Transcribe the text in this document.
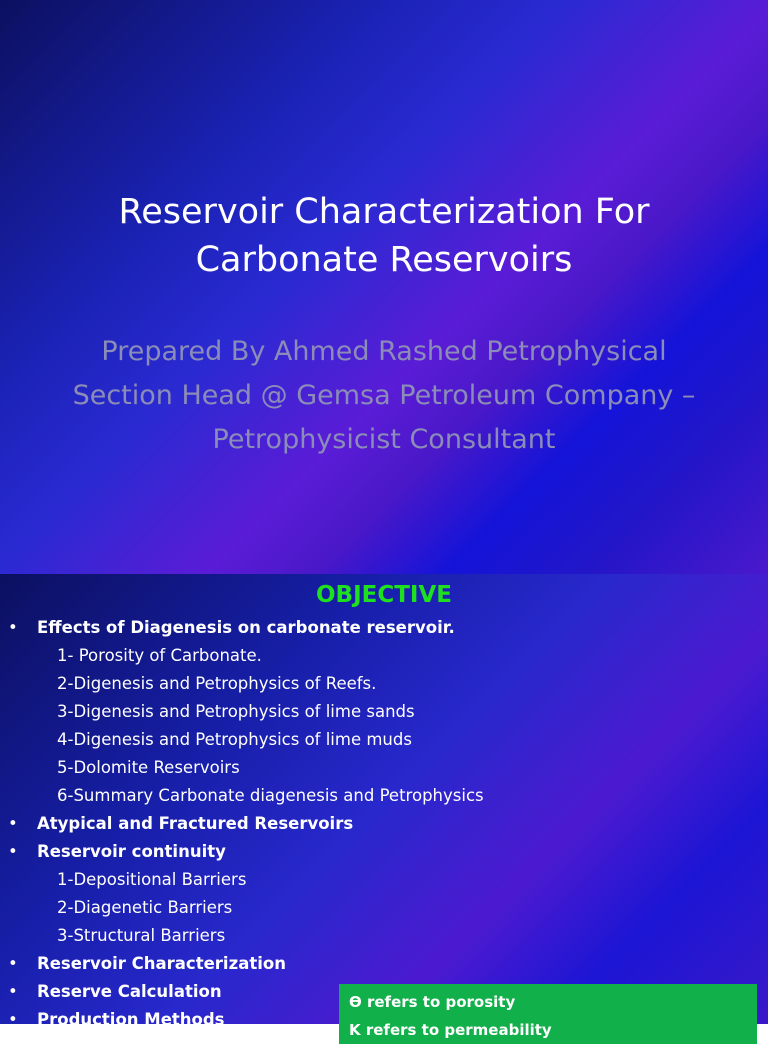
Reservoir Characterization For
Carbonate Reservoirs
Prepared By Ahmed Rashed Petrophysical
Section Head @ Gemsa Petroleum Company –
Petrophysicist Consultant
OBJECTIVE
• Effects of Diagenesis on carbonate reservoir.
1- Porosity of Carbonate.
2-Digenesis and Petrophysics of Reefs.
3-Digenesis and Petrophysics of lime sands
4-Digenesis and Petrophysics of lime muds
5-Dolomite Reservoirs
6-Summary Carbonate diagenesis and Petrophysics
• Atypical and Fractured Reservoirs
• Reservoir continuity
1-Depositional Barriers
2-Diagenetic Barriers
3-Structural Barriers
• Reservoir Characterization
• Reserve Calculation
• Production Methods
ϴ refers to porosity
K refers to permeability
